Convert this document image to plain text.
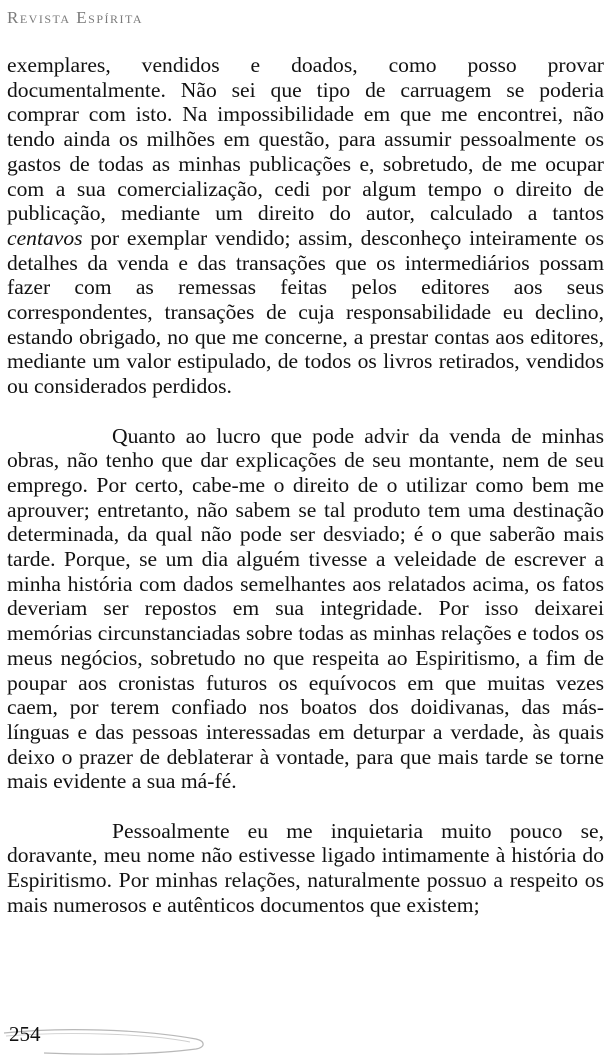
Revista Espírita

exemplares, vendidos e doados, como posso provar documentalmente. Não sei que tipo de carruagem se poderia comprar com isto. Na impossibilidade em que me encontrei, não tendo ainda os milhões em questão, para assumir pessoalmente os gastos de todas as minhas publicações e, sobretudo, de me ocupar com a sua comercialização, cedi por algum tempo o direito de publicação, mediante um direito do autor, calculado a tantos centavos por exemplar vendido; assim, desconheço inteiramente os detalhes da venda e das transações que os intermediários possam fazer com as remessas feitas pelos editores aos seus correspondentes, transações de cuja responsabilidade eu declino, estando obrigado, no que me concerne, a prestar contas aos editores, mediante um valor estipulado, de todos os livros retirados, vendidos ou considerados perdidos.

Quanto ao lucro que pode advir da venda de minhas obras, não tenho que dar explicações de seu montante, nem de seu emprego. Por certo, cabe-me o direito de o utilizar como bem me aprouver; entretanto, não sabem se tal produto tem uma destinação determinada, da qual não pode ser desviado; é o que saberão mais tarde. Porque, se um dia alguém tivesse a veleidade de escrever a minha história com dados semelhantes aos relatados acima, os fatos deveriam ser repostos em sua integridade. Por isso deixarei memórias circunstanciadas sobre todas as minhas relações e todos os meus negócios, sobretudo no que respeita ao Espiritismo, a fim de poupar aos cronistas futuros os equívocos em que muitas vezes caem, por terem confiado nos boatos dos doidivanas, das más-línguas e das pessoas interessadas em deturpar a verdade, às quais deixo o prazer de deblaterar à vontade, para que mais tarde se torne mais evidente a sua má-fé.

Pessoalmente eu me inquietaria muito pouco se, doravante, meu nome não estivesse ligado intimamente à história do Espiritismo. Por minhas relações, naturalmente possuo a respeito os mais numerosos e autênticos documentos que existem;

254
